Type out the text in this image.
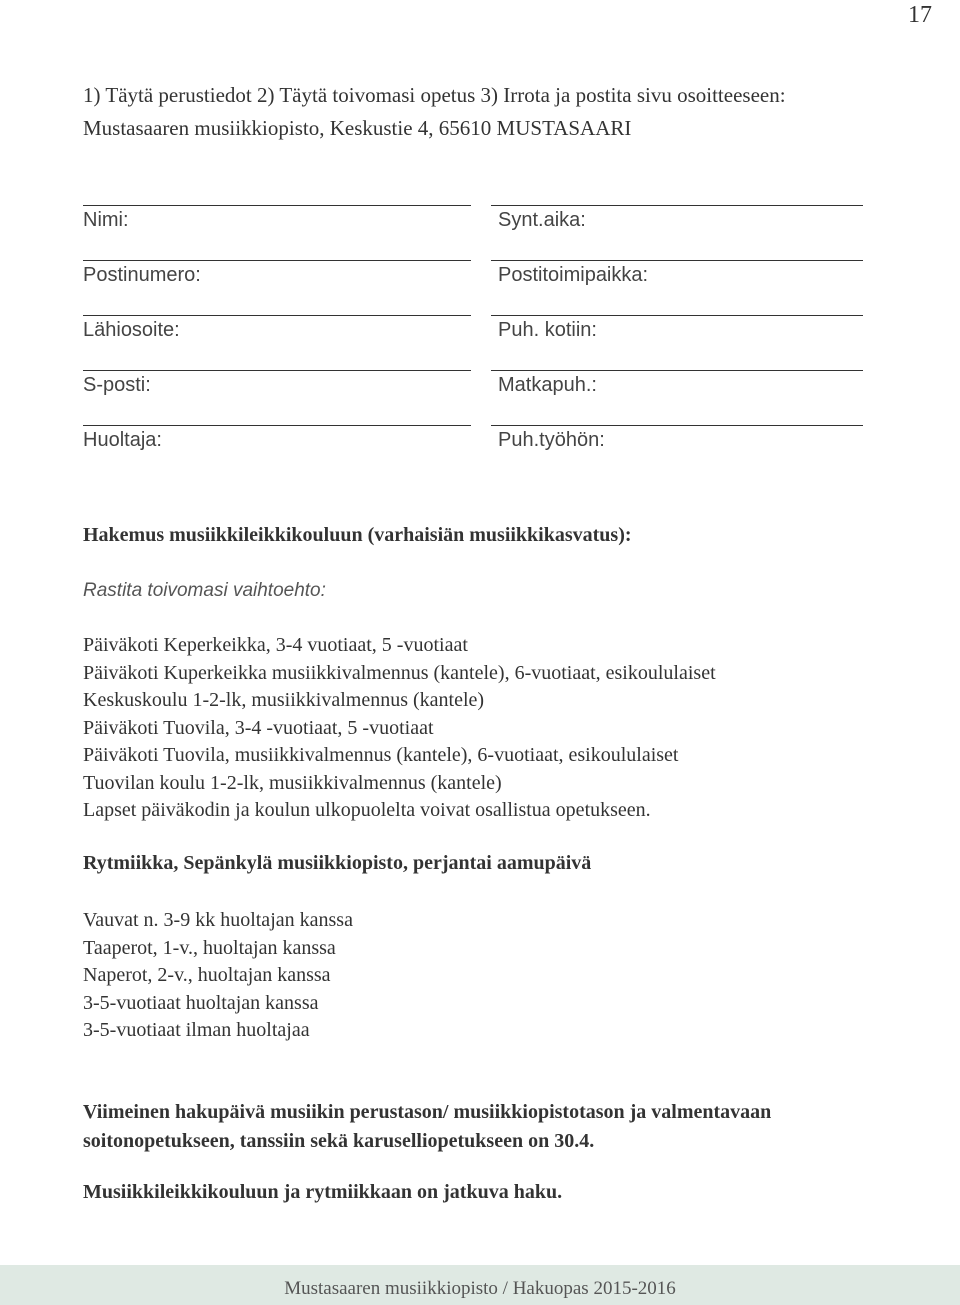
17
1) Täytä perustiedot 2) Täytä toivomasi opetus 3) Irrota ja postita sivu osoitteeseen: Mustasaaren musiikkiopisto, Keskustie 4, 65610 MUSTASAARI
Nimi:	Synt.aika:
Postinumero:	Postitoimipaikka:
Lähiosoite:	Puh. kotiin:
S-posti:	Matkapuh.:
Huoltaja:	Puh.työhön:
Hakemus musiikkileikkikouluun (varhaisiän musiikkikasvatus):
Rastita toivomasi vaihtoehto:
Päiväkoti Keperkeikka, 3-4 vuotiaat, 5 -vuotiaat
Päiväkoti Kuperkeikka musiikkivalmennus (kantele), 6-vuotiaat, esikoululaiset
Keskuskoulu 1-2-lk, musiikkivalmennus (kantele)
Päiväkoti Tuovila, 3-4 -vuotiaat, 5 -vuotiaat
Päiväkoti Tuovila, musiikkivalmennus (kantele), 6-vuotiaat, esikoululaiset
Tuovilan koulu 1-2-lk, musiikkivalmennus (kantele)
Lapset päiväkodin ja koulun ulkopuolelta voivat osallistua opetukseen.
Rytmiikka, Sepänkylä musiikkiopisto, perjantai aamupäivä
Vauvat n. 3-9 kk huoltajan kanssa
Taaperot, 1-v., huoltajan kanssa
Naperot, 2-v., huoltajan kanssa
3-5-vuotiaat huoltajan kanssa
3-5-vuotiaat ilman huoltajaa
Viimeinen hakupäivä musiikin perustason/ musiikkiopistotason ja valmentavaan soitonopetukseen, tanssiin sekä karuselliopetukseen on 30.4.
Musiikkileikkikouluun ja rytmiikkaan on jatkuva haku.
Mustasaaren musiikkiopisto / Hakuopas 2015-2016
